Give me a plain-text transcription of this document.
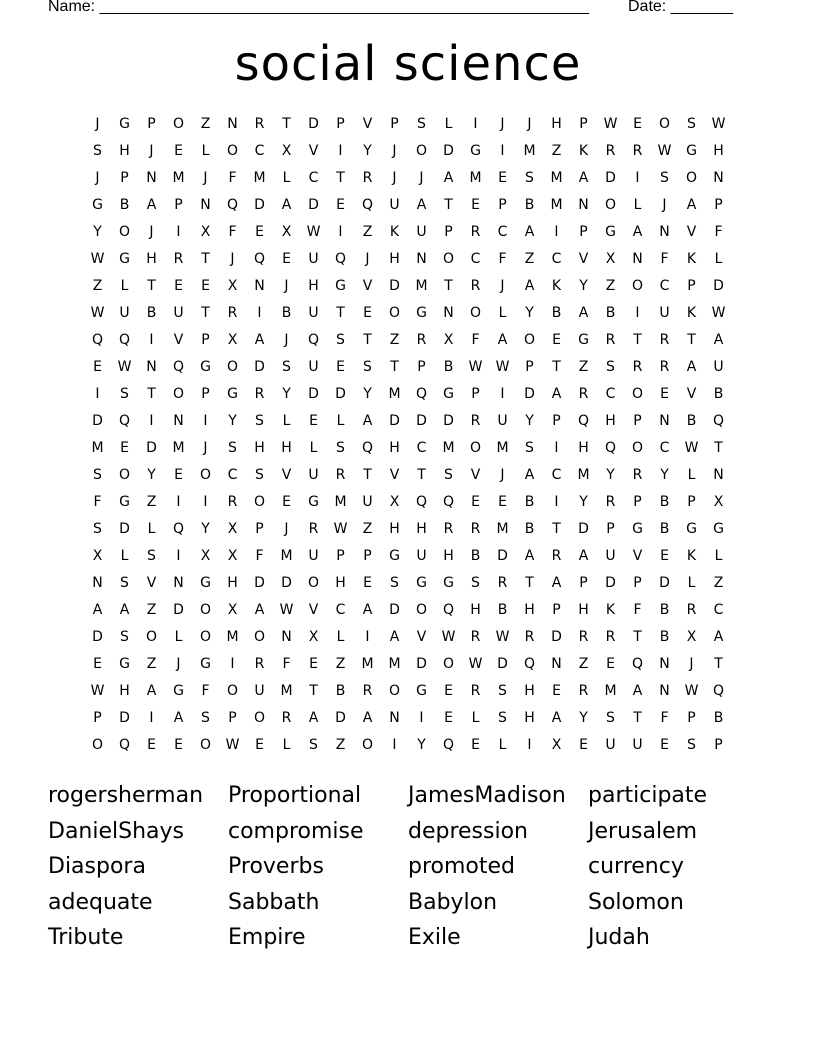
Name: _______________________________________________________ Date: _______
social science
J	G	P	O	Z	N	R	T	D	P	V	P	S	L	I	J	J	H	P	W	E	O	S	W
S	H	J	E	L	O	C	X	V	I	Y	J	O	D	G	I	M	Z	K	R	R	W	G	H
J	P	N	M	J	F	M	L	C	T	R	J	J	A	M	E	S	M	A	D	I	S	O	N
G	B	A	P	N	Q	D	A	D	E	Q	U	A	T	E	P	B	M	N	O	L	J	A	P
Y	O	J	I	X	F	E	X	W	I	Z	K	U	P	R	C	A	I	P	G	A	N	V	F
W	G	H	R	T	J	Q	E	U	Q	J	H	N	O	C	F	Z	C	V	X	N	F	K	L
Z	L	T	E	E	X	N	J	H	G	V	D	M	T	R	J	A	K	Y	Z	O	C	P	D
W	U	B	U	T	R	I	B	U	T	E	O	G	N	O	L	Y	B	A	B	I	U	K	W
Q	Q	I	V	P	X	A	J	Q	S	T	Z	R	X	F	A	O	E	G	R	T	R	T	A
E	W	N	Q	G	O	D	S	U	E	S	T	P	B	W W	P	T	Z	S	R	R	A	U
I	S	T	O	P	G	R	Y	D	D	Y	M	Q	G	P	I	D	A	R	C	O	E	V	B
D	Q	I	N	I	Y	S	L	E	L	A	D	D	D	R	U	Y	P	Q	H	P	N	B	Q
M	E	D	M	J	S	H	H	L	S	Q	H	C	M	O	M	S	I	H	Q	O	C	W	T
S	O	Y	E	O	C	S	V	U	R	T	V	T	S	V	J	A	C	M	Y	R	Y	L	N
F	G	Z	I	I	R	O	E	G	M	U	X	Q	Q	E	E	B	I	Y	R	P	B	P	X
S	D	L	Q	Y	X	P	J	R	W	Z	H	H	R	R	M	B	T	D	P	G	B	G	G
X	L	S	I	X	X	F	M	U	P	P	G	U	H	B	D	A	R	A	U	V	E	K	L
N	S	V	N	G	H	D	D	O	H	E	S	G	G	S	R	T	A	P	D	P	D	L	Z
A	A	Z	D	O	X	A	W	V	C	A	D	O	Q	H	B	H	P	H	K	F	B	R	C
D	S	O	L	O	M	O	N	X	L	I	A	V	W	R	W	R	D	R	R	T	B	X	A
E	G	Z	J	G	I	R	F	E	Z	M	M	D	O	W	D	Q	N	Z	E	Q	N	J	T
W	H	A	G	F	O	U	M	T	B	R	O	G	E	R	S	H	E	R	M	A	N	W	Q
P	D	I	A	S	P	O	R	A	D	A	N	I	E	L	S	H	A	Y	S	T	F	P	B
O	Q	E	E	O	W	E	L	S	Z	O	I	Y	Q	E	L	I	X	E	U	U	E	S	P
rogersherman	Proportional	JamesMadison	participate
DanielShays	compromise	depression	Jerusalem
Diaspora	Proverbs	promoted	currency
adequate	Sabbath	Babylon	Solomon
Tribute	Empire	Exile	Judah
